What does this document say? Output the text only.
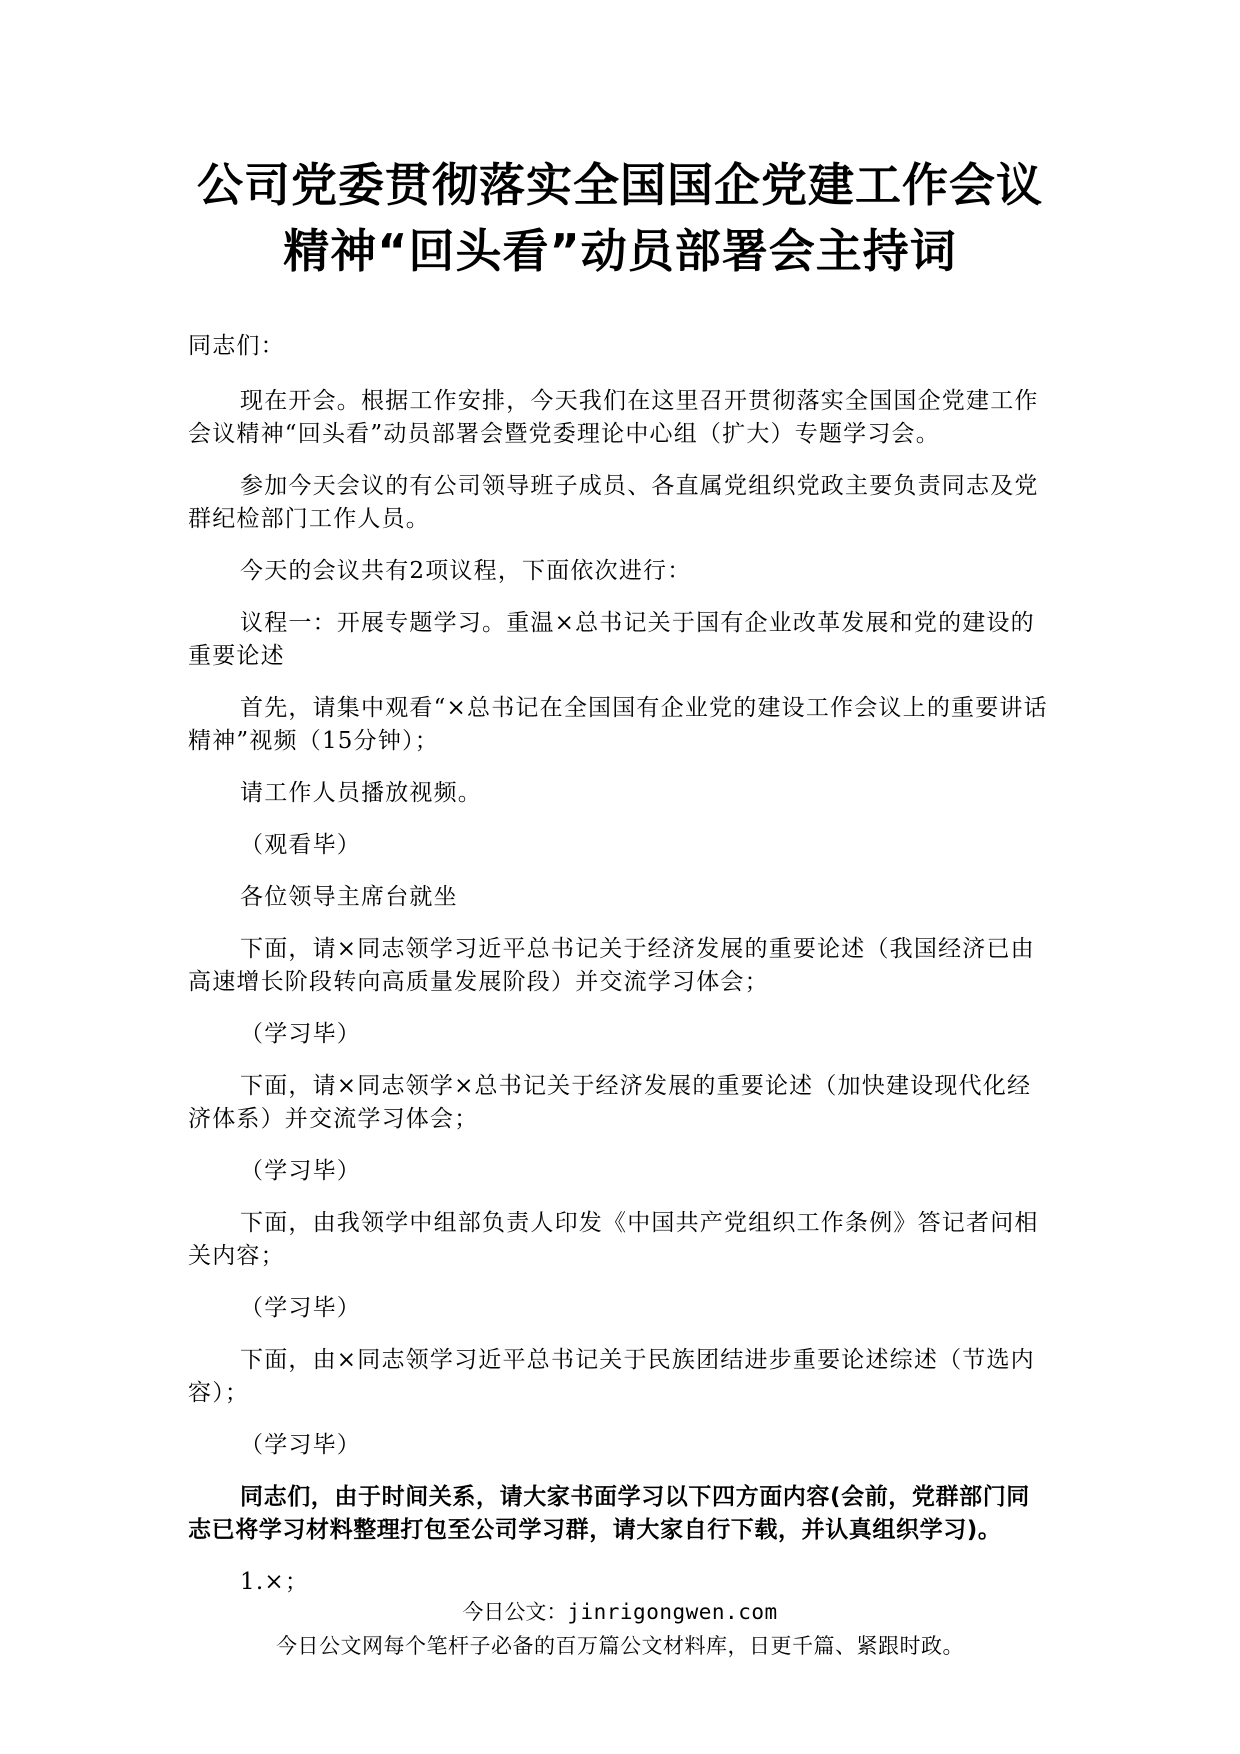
公司党委贯彻落实全国国企党建工作会议
精神“回头看”动员部署会主持词

同志们：

现在开会。根据工作安排，今天我们在这里召开贯彻落实全国国企党建工作会议精神“回头看”动员部署会暨党委理论中心组（扩大）专题学习会。

参加今天会议的有公司领导班子成员、各直属党组织党政主要负责同志及党群纪检部门工作人员。

今天的会议共有2项议程，下面依次进行：

议程一：开展专题学习。重温×总书记关于国有企业改革发展和党的建设的重要论述

首先，请集中观看“×总书记在全国国有企业党的建设工作会议上的重要讲话精神”视频（15分钟）；

请工作人员播放视频。

（观看毕）

各位领导主席台就坐

下面，请×同志领学习近平总书记关于经济发展的重要论述（我国经济已由高速增长阶段转向高质量发展阶段）并交流学习体会；

（学习毕）

下面，请×同志领学×总书记关于经济发展的重要论述（加快建设现代化经济体系）并交流学习体会；

（学习毕）

下面，由我领学中组部负责人印发《中国共产党组织工作条例》答记者问相关内容；

（学习毕）

下面，由×同志领学习近平总书记关于民族团结进步重要论述综述（节选内容）；

（学习毕）

同志们，由于时间关系，请大家书面学习以下四方面内容(会前，党群部门同志已将学习材料整理打包至公司学习群，请大家自行下载，并认真组织学习)。

1.×；

今日公文：jinrigongwen.com
今日公文网每个笔杆子必备的百万篇公文材料库，日更千篇、紧跟时政。
